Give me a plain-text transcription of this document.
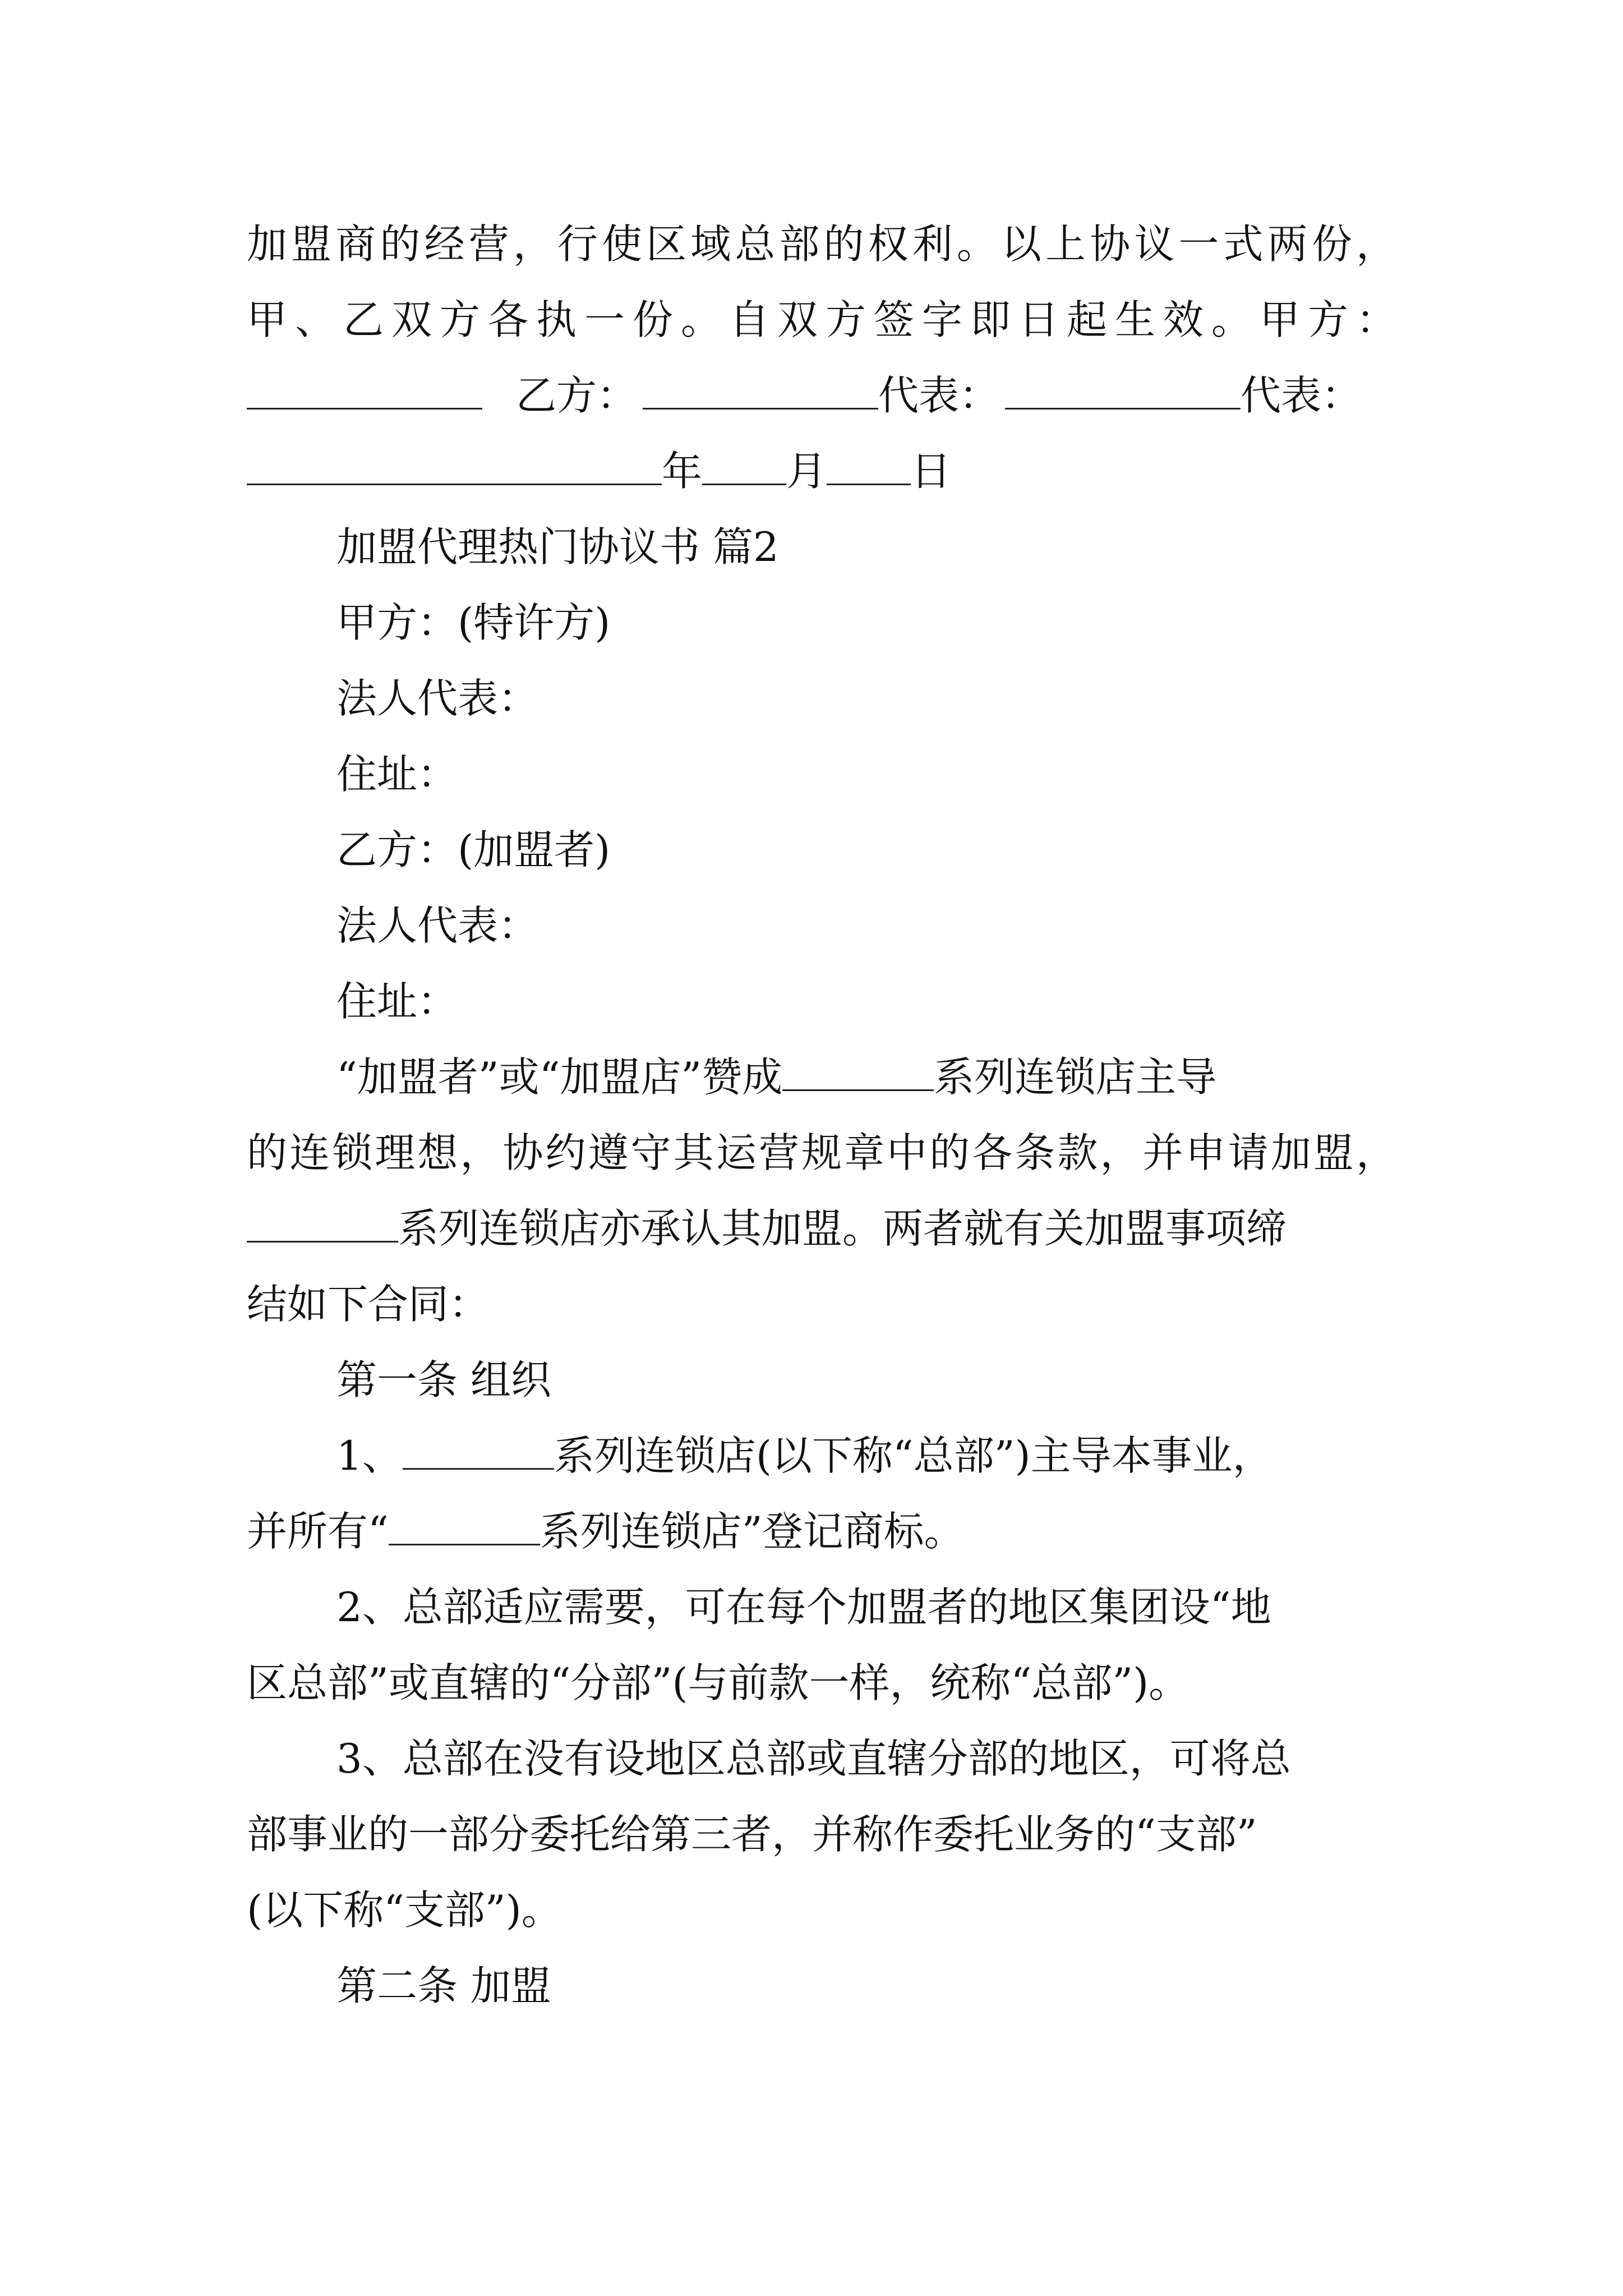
加盟商的经营，行使区域总部的权利。以上协议一式两份，
甲、乙双方各执一份。自双方签字即日起生效。甲方：
乙方：	代表：	代表：
年 月 日
加盟代理热门协议书 篇2
甲方：(特许方)
法人代表：
住址：
乙方：(加盟者)
法人代表：
住址：
“加盟者”或“加盟店”赞成	系列连锁店主导
的连锁理想，协约遵守其运营规章中的各条款，并申请加盟，
系列连锁店亦承认其加盟。两者就有关加盟事项缔
结如下合同：
第一条 组织
1、	系列连锁店(以下称“总部”)主导本事业，
并所有“	系列连锁店”登记商标。
2、总部适应需要，可在每个加盟者的地区集团设“地
区总部”或直辖的“分部”(与前款一样，统称“总部”)。
3、总部在没有设地区总部或直辖分部的地区，可将总
部事业的一部分委托给第三者，并称作委托业务的“支部”
(以下称“支部”)。
第二条 加盟
